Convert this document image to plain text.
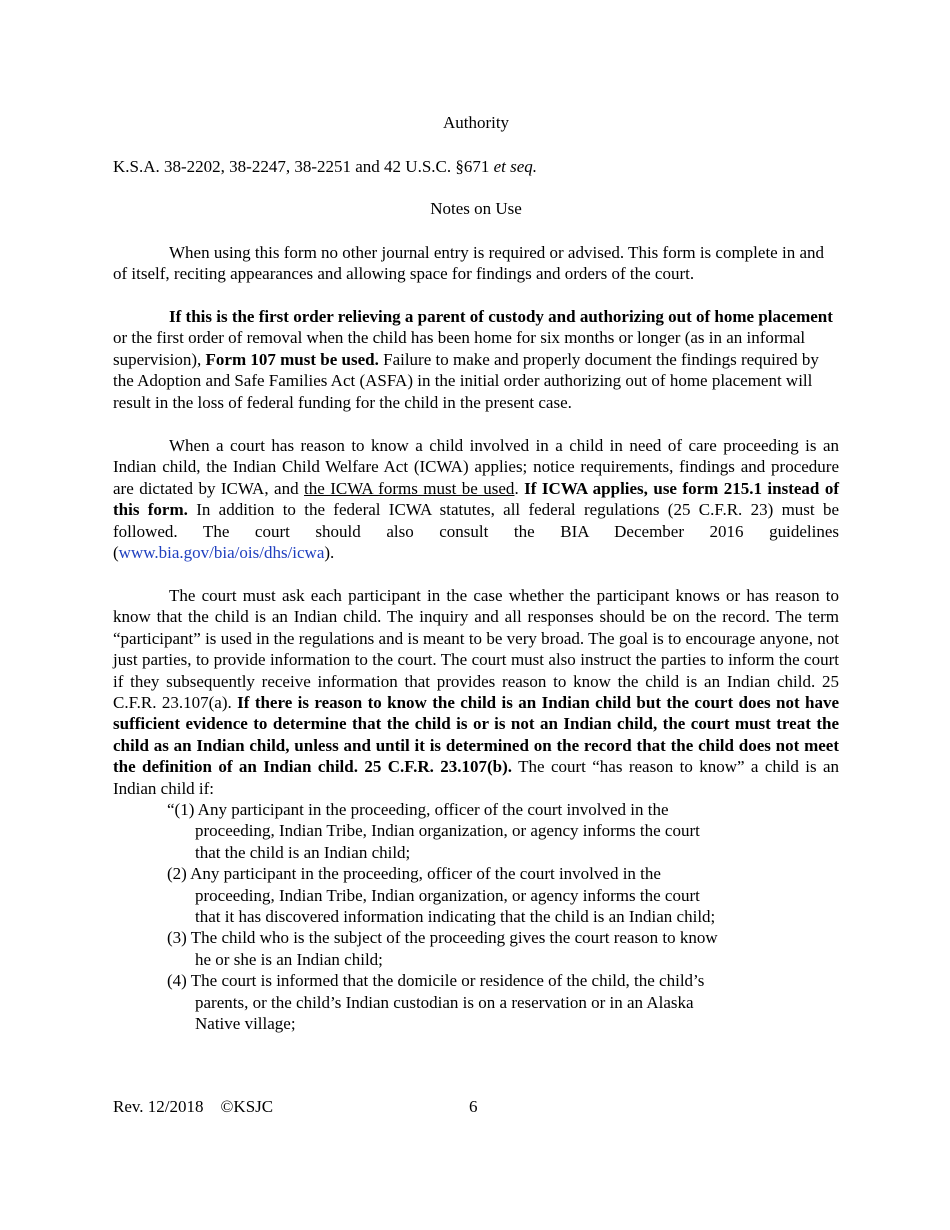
Authority
K.S.A. 38-2202, 38-2247, 38-2251 and 42 U.S.C. §671 et seq.
Notes on Use
When using this form no other journal entry is required or advised. This form is complete in and of itself, reciting appearances and allowing space for findings and orders of the court.
If this is the first order relieving a parent of custody and authorizing out of home placement or the first order of removal when the child has been home for six months or longer (as in an informal supervision), Form 107 must be used. Failure to make and properly document the findings required by the Adoption and Safe Families Act (ASFA) in the initial order authorizing out of home placement will result in the loss of federal funding for the child in the present case.
When a court has reason to know a child involved in a child in need of care proceeding is an Indian child, the Indian Child Welfare Act (ICWA) applies; notice requirements, findings and procedure are dictated by ICWA, and the ICWA forms must be used. If ICWA applies, use form 215.1 instead of this form. In addition to the federal ICWA statutes, all federal regulations (25 C.F.R. 23) must be followed. The court should also consult the BIA December 2016 guidelines (www.bia.gov/bia/ois/dhs/icwa).
The court must ask each participant in the case whether the participant knows or has reason to know that the child is an Indian child. The inquiry and all responses should be on the record. The term “participant” is used in the regulations and is meant to be very broad. The goal is to encourage anyone, not just parties, to provide information to the court. The court must also instruct the parties to inform the court if they subsequently receive information that provides reason to know the child is an Indian child. 25 C.F.R. 23.107(a). If there is reason to know the child is an Indian child but the court does not have sufficient evidence to determine that the child is or is not an Indian child, the court must treat the child as an Indian child, unless and until it is determined on the record that the child does not meet the definition of an Indian child. 25 C.F.R. 23.107(b). The court “has reason to know” a child is an Indian child if:
“(1) Any participant in the proceeding, officer of the court involved in the proceeding, Indian Tribe, Indian organization, or agency informs the court that the child is an Indian child;
(2) Any participant in the proceeding, officer of the court involved in the proceeding, Indian Tribe, Indian organization, or agency informs the court that it has discovered information indicating that the child is an Indian child;
(3) The child who is the subject of the proceeding gives the court reason to know he or she is an Indian child;
(4) The court is informed that the domicile or residence of the child, the child’s parents, or the child’s Indian custodian is on a reservation or in an Alaska Native village;
Rev. 12/2018    ©KSJC	6
